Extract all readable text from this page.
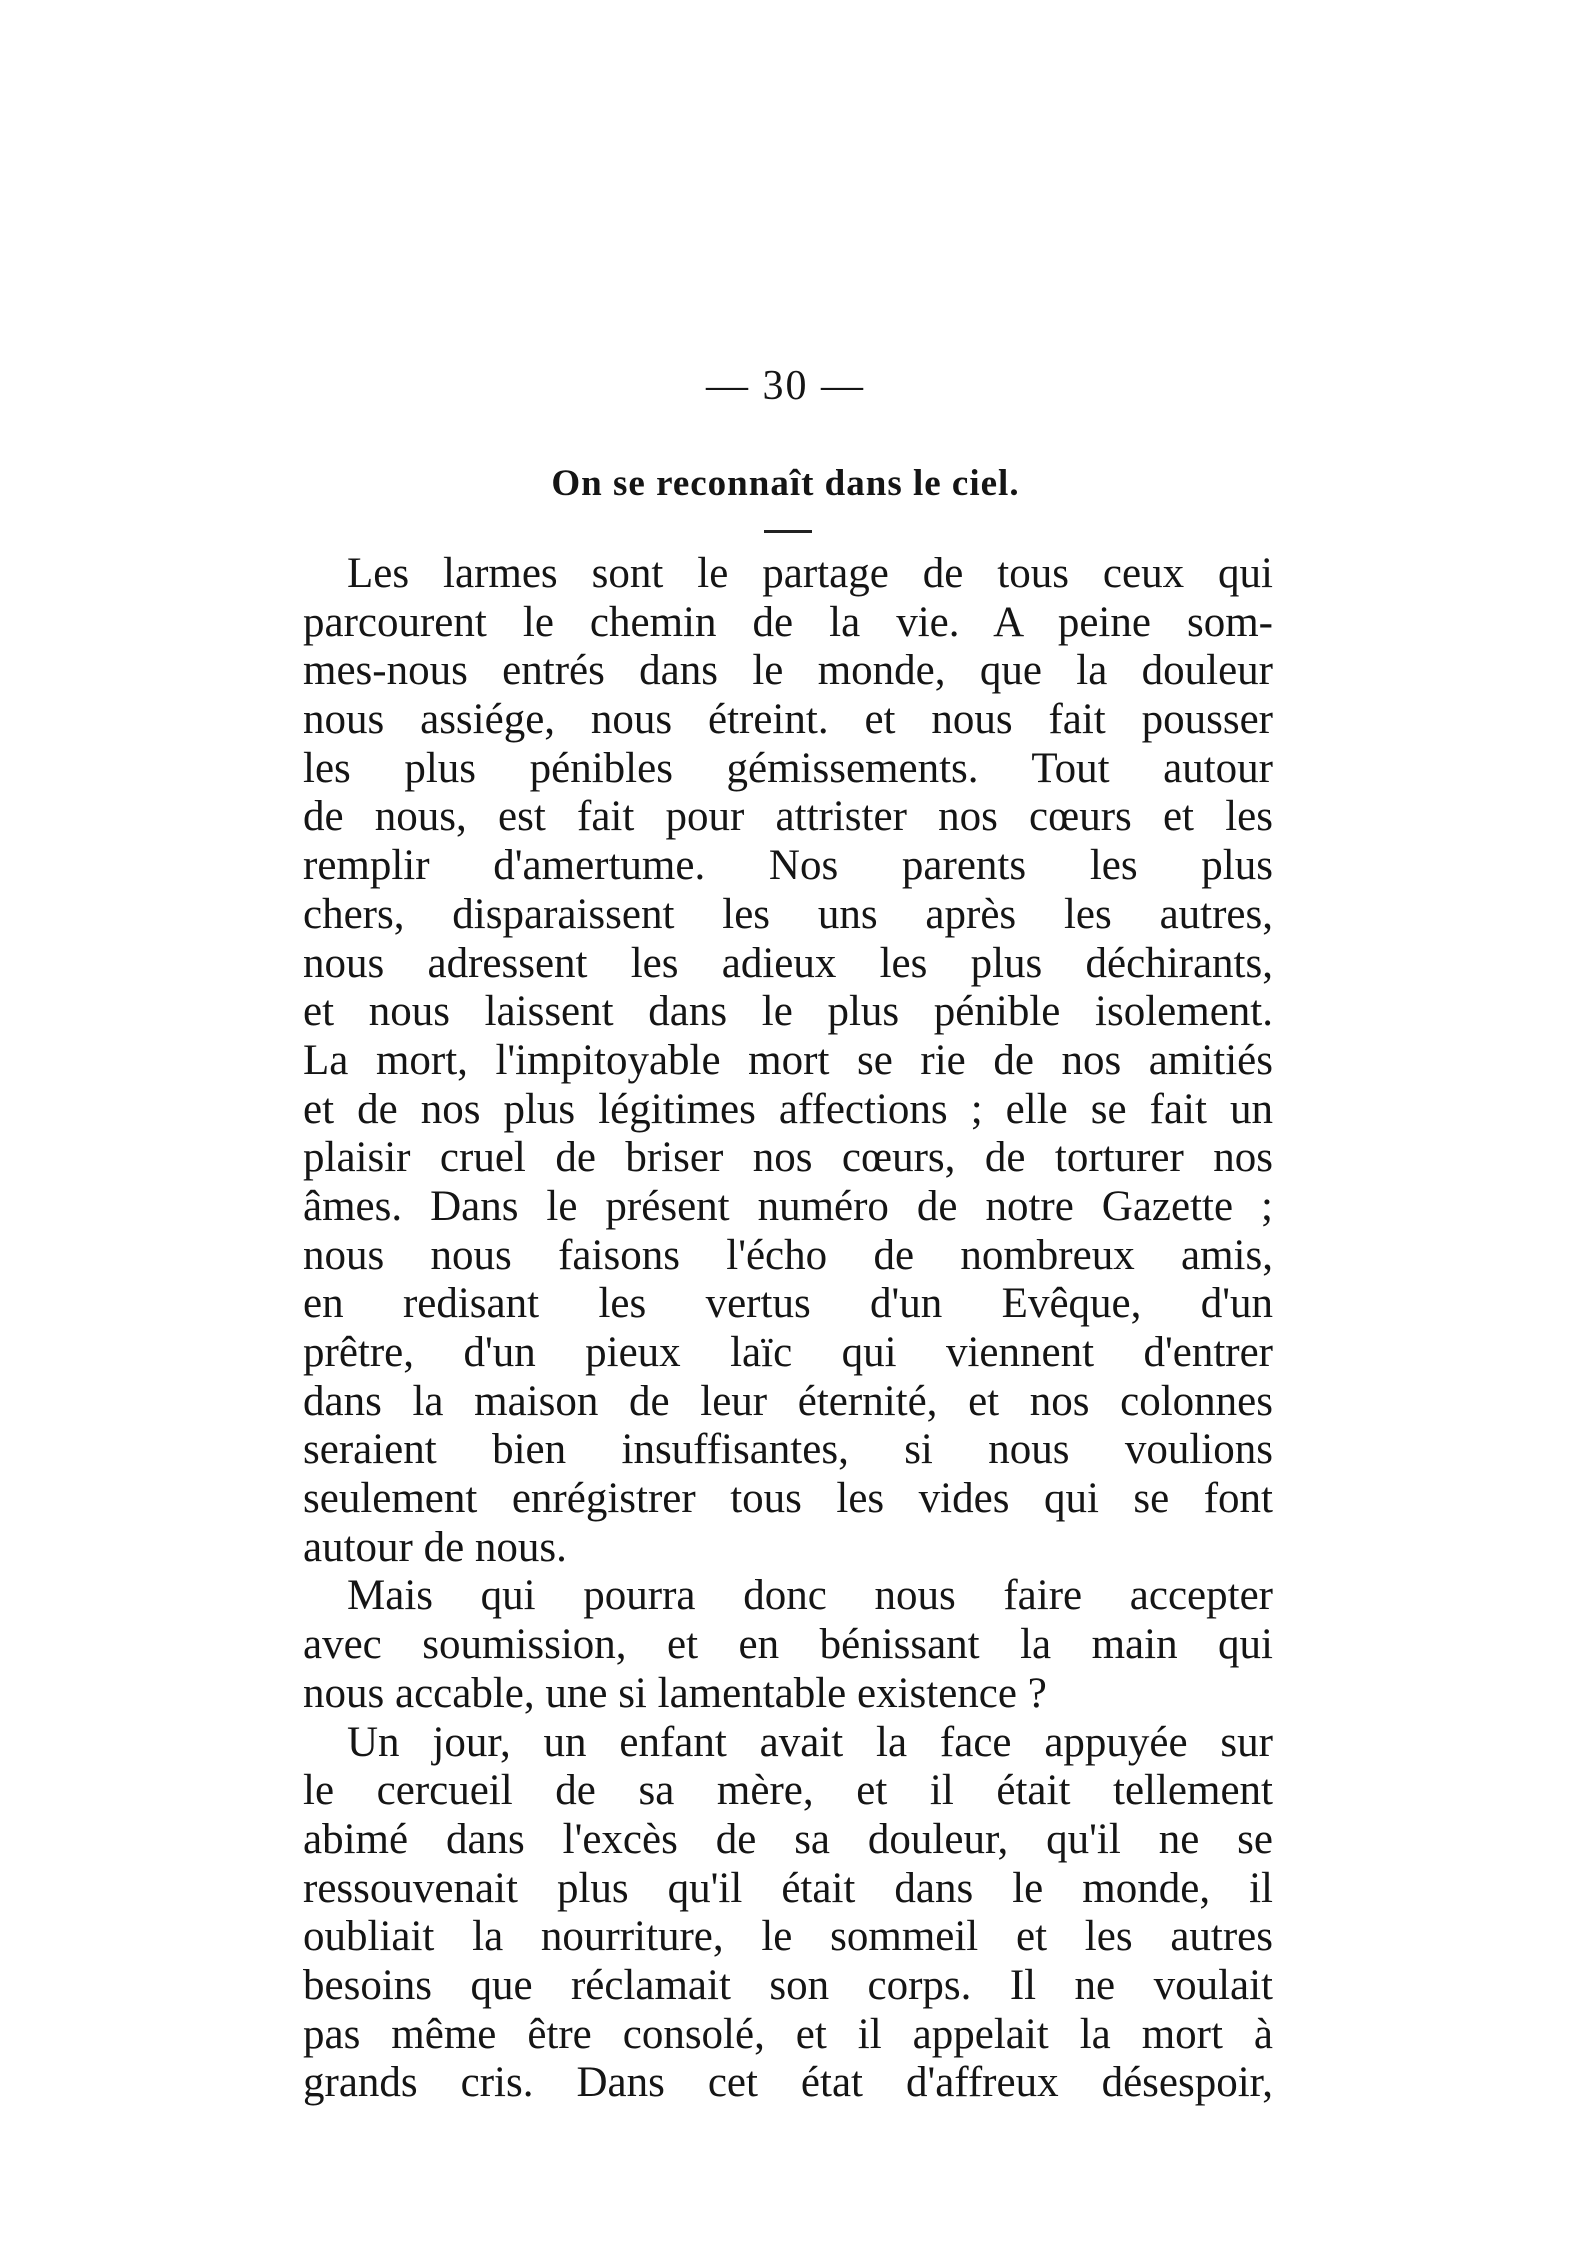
— 30 —
On se reconnaît dans le ciel.
Les larmes sont le partage de tous ceux qui
parcourent le chemin de la vie. A peine som-
mes-nous entrés dans le monde, que la douleur
nous assiége, nous étreint. et nous fait pousser
les plus pénibles gémissements. Tout autour
de nous, est fait pour attrister nos cœurs et les
remplir d'amertume. Nos parents les plus
chers, disparaissent les uns après les autres,
nous adressent les adieux les plus déchirants,
et nous laissent dans le plus pénible isolement.
La mort, l'impitoyable mort se rie de nos amitiés
et de nos plus légitimes affections ; elle se fait un
plaisir cruel de briser nos cœurs, de torturer nos
âmes. Dans le présent numéro de notre Gazette ;
nous nous faisons l'écho de nombreux amis,
en redisant les vertus d'un Evêque, d'un
prêtre, d'un pieux laïc qui viennent d'entrer
dans la maison de leur éternité, et nos colonnes
seraient bien insuffisantes, si nous voulions
seulement enrégistrer tous les vides qui se font
autour de nous.
Mais qui pourra donc nous faire accepter
avec soumission, et en bénissant la main qui
nous accable, une si lamentable existence ?
Un jour, un enfant avait la face appuyée sur
le cercueil de sa mère, et il était tellement
abimé dans l'excès de sa douleur, qu'il ne se
ressouvenait plus qu'il était dans le monde, il
oubliait la nourriture, le sommeil et les autres
besoins que réclamait son corps. Il ne voulait
pas même être consolé, et il appelait la mort à
grands cris. Dans cet état d'affreux désespoir,
